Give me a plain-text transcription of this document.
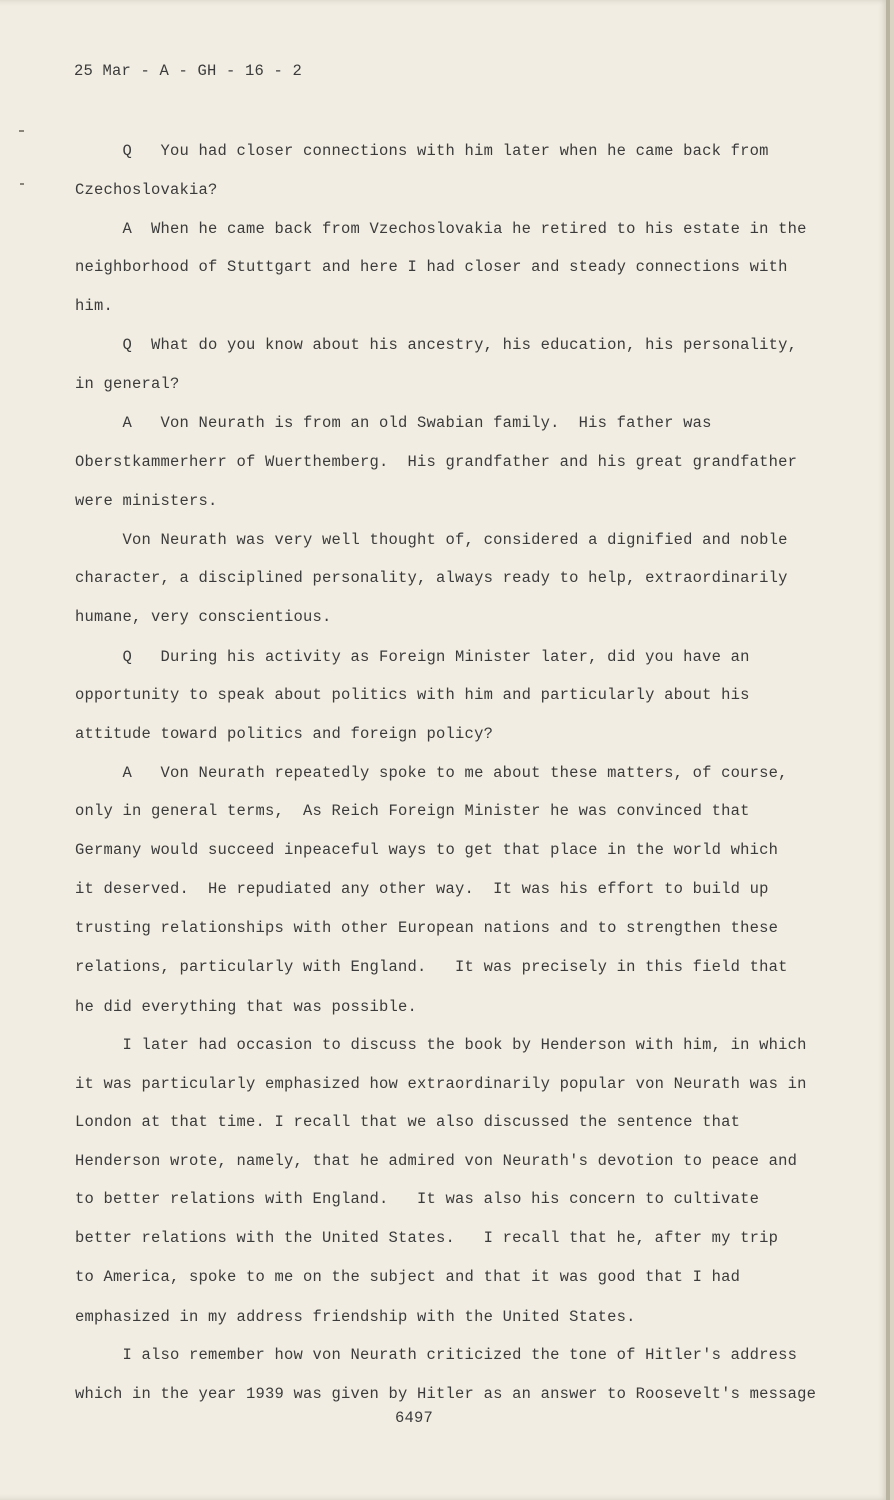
25 Mar - A - GH - 16 - 2
Q   You had closer connections with him later when he came back from
Czechoslovakia?
A  When he came back from Vzechoslovakia he retired to his estate in the
neighborhood of Stuttgart and here I had closer and steady connections with
him.
Q  What do you know about his ancestry, his education, his personality,
in general?
A   Von Neurath is from an old Swabian family.  His father was
Oberstkammerherr of Wuerthemberg.  His grandfather and his great grandfather
were ministers.
Von Neurath was very well thought of, considered a dignified and noble
character, a disciplined personality, always ready to help, extraordinarily
humane, very conscientious.
Q   During his activity as Foreign Minister later, did you have an
opportunity to speak about politics with him and particularly about his
attitude toward politics and foreign policy?
A   Von Neurath repeatedly spoke to me about these matters, of course,
only in general terms,  As Reich Foreign Minister he was convinced that
Germany would succeed inpeaceful ways to get that place in the world which
it deserved.  He repudiated any other way.  It was his effort to build up
trusting relationships with other European nations and to strengthen these
relations, particularly with England.   It was precisely in this field that
he did everything that was possible.
I later had occasion to discuss the book by Henderson with him, in which
it was particularly emphasized how extraordinarily popular von Neurath was in
London at that time. I recall that we also discussed the sentence that
Henderson wrote, namely, that he admired von Neurath's devotion to peace and
to better relations with England.   It was also his concern to cultivate
better relations with the United States.   I recall that he, after my trip
to America, spoke to me on the subject and that it was good that I had
emphasized in my address friendship with the United States.
I also remember how von Neurath criticized the tone of Hitler's address
which in the year 1939 was given by Hitler as an answer to Roosevelt's message
6497
